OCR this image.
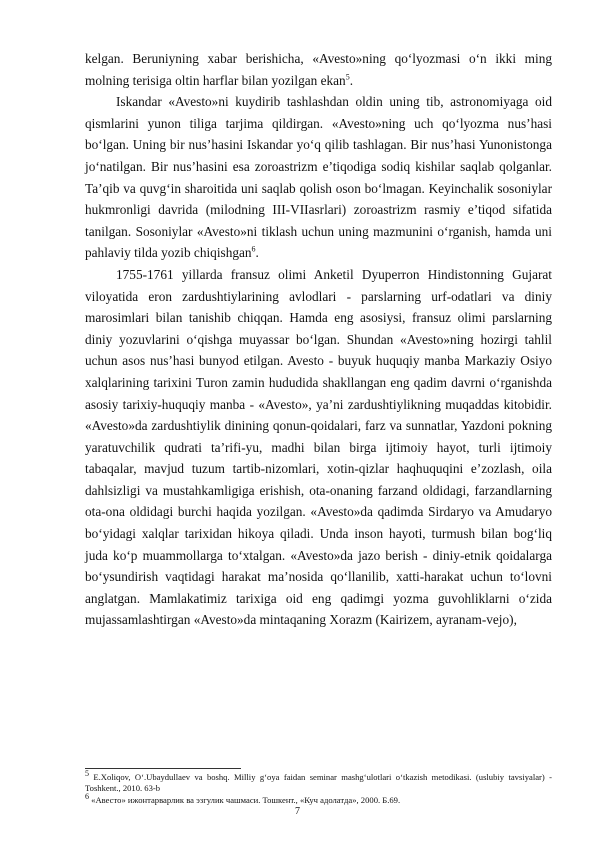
kelgan. Beruniyning xabar berishicha, «Avesto»ning qo‘lyozmasi o‘n ikki ming molning terisiga oltin harflar bilan yozilgan ekan$^5$.

Iskandar «Avesto»ni kuydirib tashlashdan oldin uning tib, astronomiyaga oid qismlarini yunon tiliga tarjima qildirgan. «Avesto»ning uch qo‘lyozma nus’hasi bo‘lgan. Uning bir nus’hasini Iskandar yo‘q qilib tashlagan. Bir nus’hasi Yunonistonga jo‘natilgan. Bir nus’hasini esa zoroastrizm e’tiqodiga sodiq kishilar saqlab qolganlar. Ta’qib va quvg‘in sharoitida uni saqlab qolish oson bo‘lmagan. Keyinchalik sosoniylar hukmronligi davrida (milodning III-VIIasrlari) zoroastrizm rasmiy e’tiqod sifatida tanilgan. Sosoniylar «Avesto»ni tiklash uchun uning mazmunini o‘rganish, hamda uni pahlaviy tilda yozib chiqishgan$^6$.

1755-1761 yillarda fransuz olimi Anketil Dyuperron Hindistonning Gujarat viloyatida eron zardushtiylarining avlodlari - parslarning urf-odatlari va diniy marosimlari bilan tanishib chiqqan. Hamda eng asosiysi, fransuz olimi parslarning diniy yozuvlarini o‘qishga muyassar bo‘lgan. Shundan «Avesto»ning hozirgi tahlil uchun asos nus’hasi bunyod etilgan. Avesto - buyuk huquqiy manba Markaziy Osiyo xalqlarining tarixini Turon zamin hududida shakllangan eng qadim davrni o‘rganishda asosiy tarixiy-huquqiy manba - «Avesto», ya’ni zardushtiylikning muqaddas kitobidir. «Avesto»da zardushtiylik dinining qonun-qoidalari, farz va sunnatlar, Yazdoni pokning yaratuvchilik qudrati ta’rifi-yu, madhi bilan birga ijtimoiy hayot, turli ijtimoiy tabaqalar, mavjud tuzum tartib-nizomlari, xotin-qizlar haqhuquqini e’zozlash, oila dahlsizligi va mustahkamligiga erishish, ota-onaning farzand oldidagi, farzandlarning ota-ona oldidagi burchi haqida yozilgan. «Avesto»da qadimda Sirdaryo va Amudaryo bo‘yidagi xalqlar tarixidan hikoya qiladi. Unda inson hayoti, turmush bilan bog‘liq juda ko‘p muammollarga to‘xtalgan. «Avesto»da jazo berish - diniy-etnik qoidalarga bo‘ysundirish vaqtidagi harakat ma’nosida qo‘llanilib, xatti-harakat uchun to‘lovni anglatgan. Mamlakatimiz tarixiga oid eng qadimgi yozma guvohliklarni o‘zida mujassamlashtirgan «Avesto»da mintaqaning Xorazm (Kairizem, ayranam-vejo),

$^5$ E.Xoliqov, O‘.Ubaydullaev va boshq. Milliy g‘oya faidan seminar mashg‘ulotlari o‘tkazish metodikasi. (uslubiy tavsiyalar) - Toshkent., 2010. 63-b

$^6$ «Авесто» ижонтарварлик ва эзгулик чашмаси. Тошкент., «Куч адолатда», 2000. Б.69.

7
